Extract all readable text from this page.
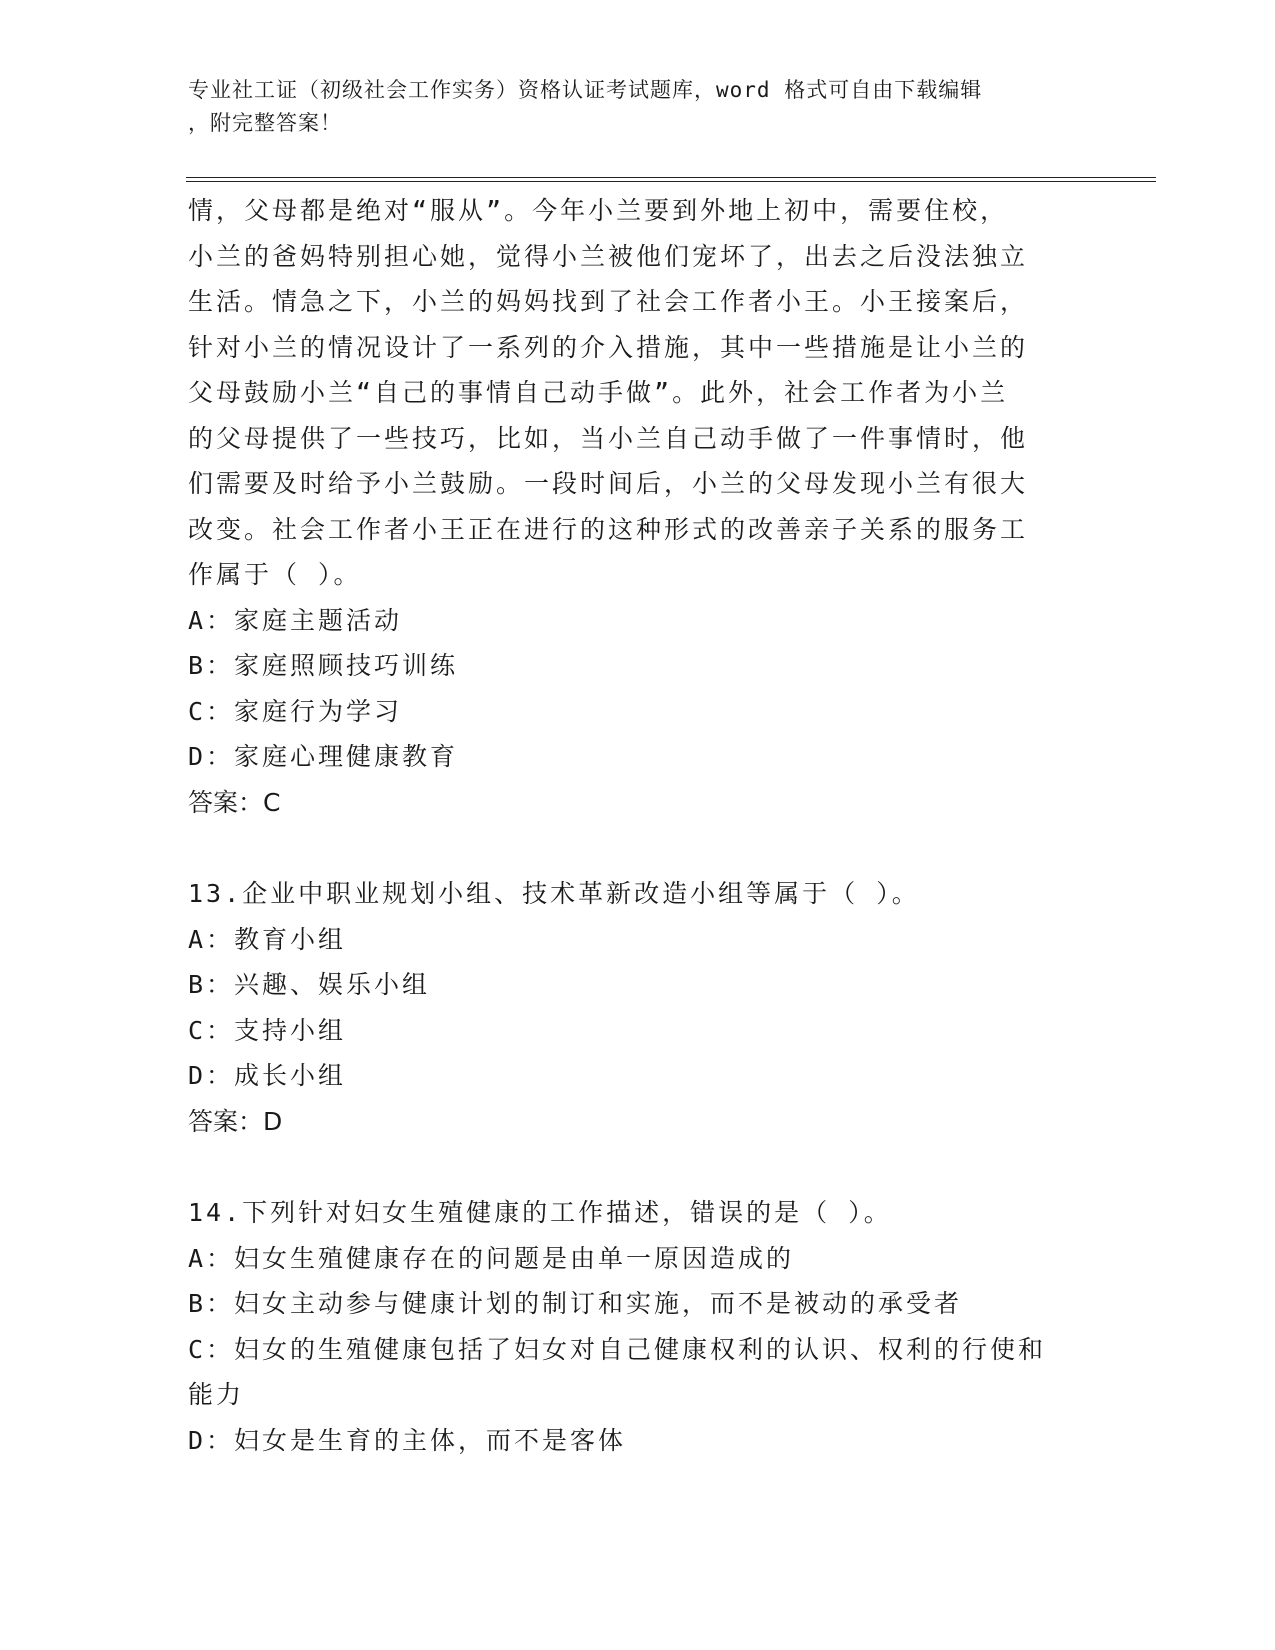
专业社工证（初级社会工作实务）资格认证考试题库，word 格式可自由下载编辑
，附完整答案！
情，父母都是绝对“服从”。今年小兰要到外地上初中，需要住校，
小兰的爸妈特别担心她，觉得小兰被他们宠坏了，出去之后没法独立
生活。情急之下，小兰的妈妈找到了社会工作者小王。小王接案后，
针对小兰的情况设计了一系列的介入措施，其中一些措施是让小兰的
父母鼓励小兰“自己的事情自己动手做”。此外，社会工作者为小兰
的父母提供了一些技巧，比如，当小兰自己动手做了一件事情时，他
们需要及时给予小兰鼓励。一段时间后，小兰的父母发现小兰有很大
改变。社会工作者小王正在进行的这种形式的改善亲子关系的服务工
作属于（ ）。
A：家庭主题活动
B：家庭照顾技巧训练
C：家庭行为学习
D：家庭心理健康教育
答案：C
13.企业中职业规划小组、技术革新改造小组等属于（ ）。
A：教育小组
B：兴趣、娱乐小组
C：支持小组
D：成长小组
答案：D
14.下列针对妇女生殖健康的工作描述，错误的是（ ）。
A：妇女生殖健康存在的问题是由单一原因造成的
B：妇女主动参与健康计划的制订和实施，而不是被动的承受者
C：妇女的生殖健康包括了妇女对自己健康权利的认识、权利的行使和
能力
D：妇女是生育的主体，而不是客体
